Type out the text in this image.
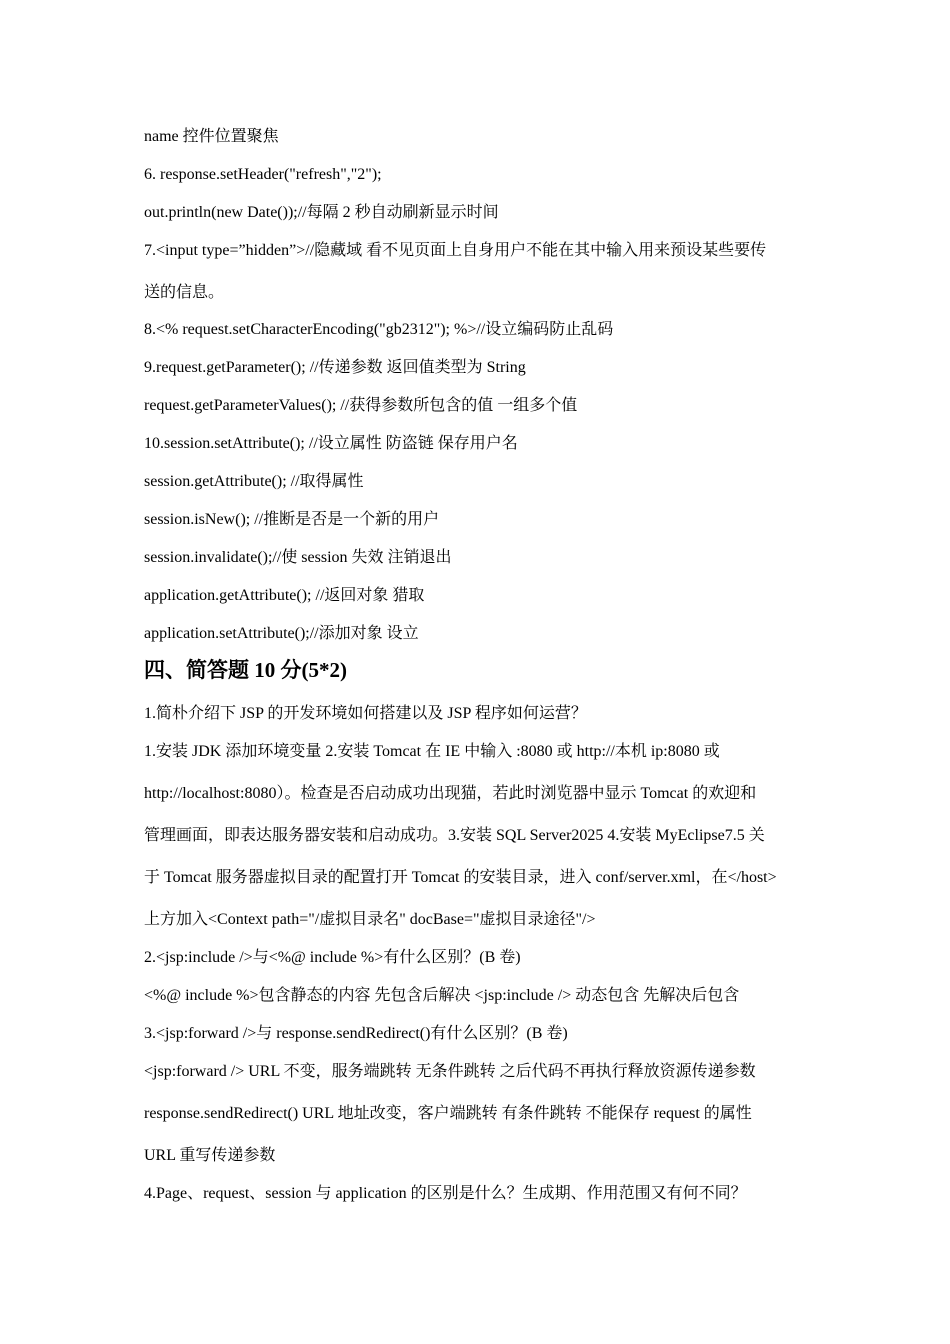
name 控件位置聚焦

6. response.setHeader("refresh","2");

out.println(new Date());//每隔 2 秒自动刷新显示时间

7.<input type=”hidden”>//隐藏域 看不见页面上自身用户不能在其中输入用来预设某些要传

送的信息。

8.<% request.setCharacterEncoding("gb2312"); %>//设立编码防止乱码

9.request.getParameter(); //传递参数 返回值类型为 String

request.getParameterValues(); //获得参数所包含的值 一组多个值

10.session.setAttribute(); //设立属性 防盗链 保存用户名

session.getAttribute(); //取得属性

session.isNew(); //推断是否是一个新的用户

session.invalidate();//使 session 失效 注销退出

application.getAttribute(); //返回对象 猎取

application.setAttribute();//添加对象 设立

四、简答题 10 分(5*2)

1.简朴介绍下 JSP 的开发环境如何搭建以及 JSP 程序如何运营？

1.安装 JDK 添加环境变量 2.安装 Tomcat 在 IE 中输入 :8080 或 http://本机 ip:8080 或

http://localhost:8080）。检查是否启动成功出现猫，若此时浏览器中显示 Tomcat 的欢迎和

管理画面，即表达服务器安装和启动成功。3.安装 SQL Server2025 4.安装 MyEclipse7.5 关

于 Tomcat 服务器虚拟目录的配置打开 Tomcat 的安装目录，进入 conf/server.xml，在</host>

上方加入<Context path="/虚拟目录名" docBase="虚拟目录途径"/>

2.<jsp:include />与<%@ include %>有什么区别？(B 卷)

<%@ include %>包含静态的内容 先包含后解决 <jsp:include /> 动态包含 先解决后包含

3.<jsp:forward />与 response.sendRedirect()有什么区别？(B 卷)

<jsp:forward /> URL 不变，服务端跳转 无条件跳转 之后代码不再执行释放资源传递参数

response.sendRedirect() URL 地址改变，客户端跳转 有条件跳转 不能保存 request 的属性

URL 重写传递参数

4.Page、request、session 与 application 的区别是什么？生成期、作用范围又有何不同？
